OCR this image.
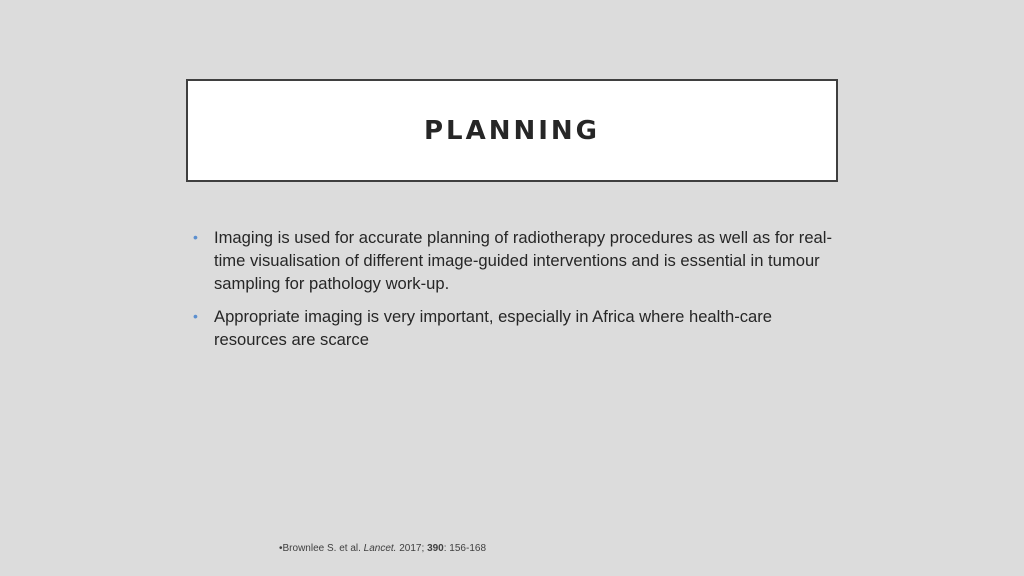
PLANNING
• Imaging is used for accurate planning of radiotherapy procedures as well as for real-time visualisation of different image-guided interventions and is essential in tumour sampling for pathology work-up.
• Appropriate imaging is very important, especially in Africa where health-care resources are scarce
•Brownlee S. et al. Lancet. 2017; 390: 156-168
